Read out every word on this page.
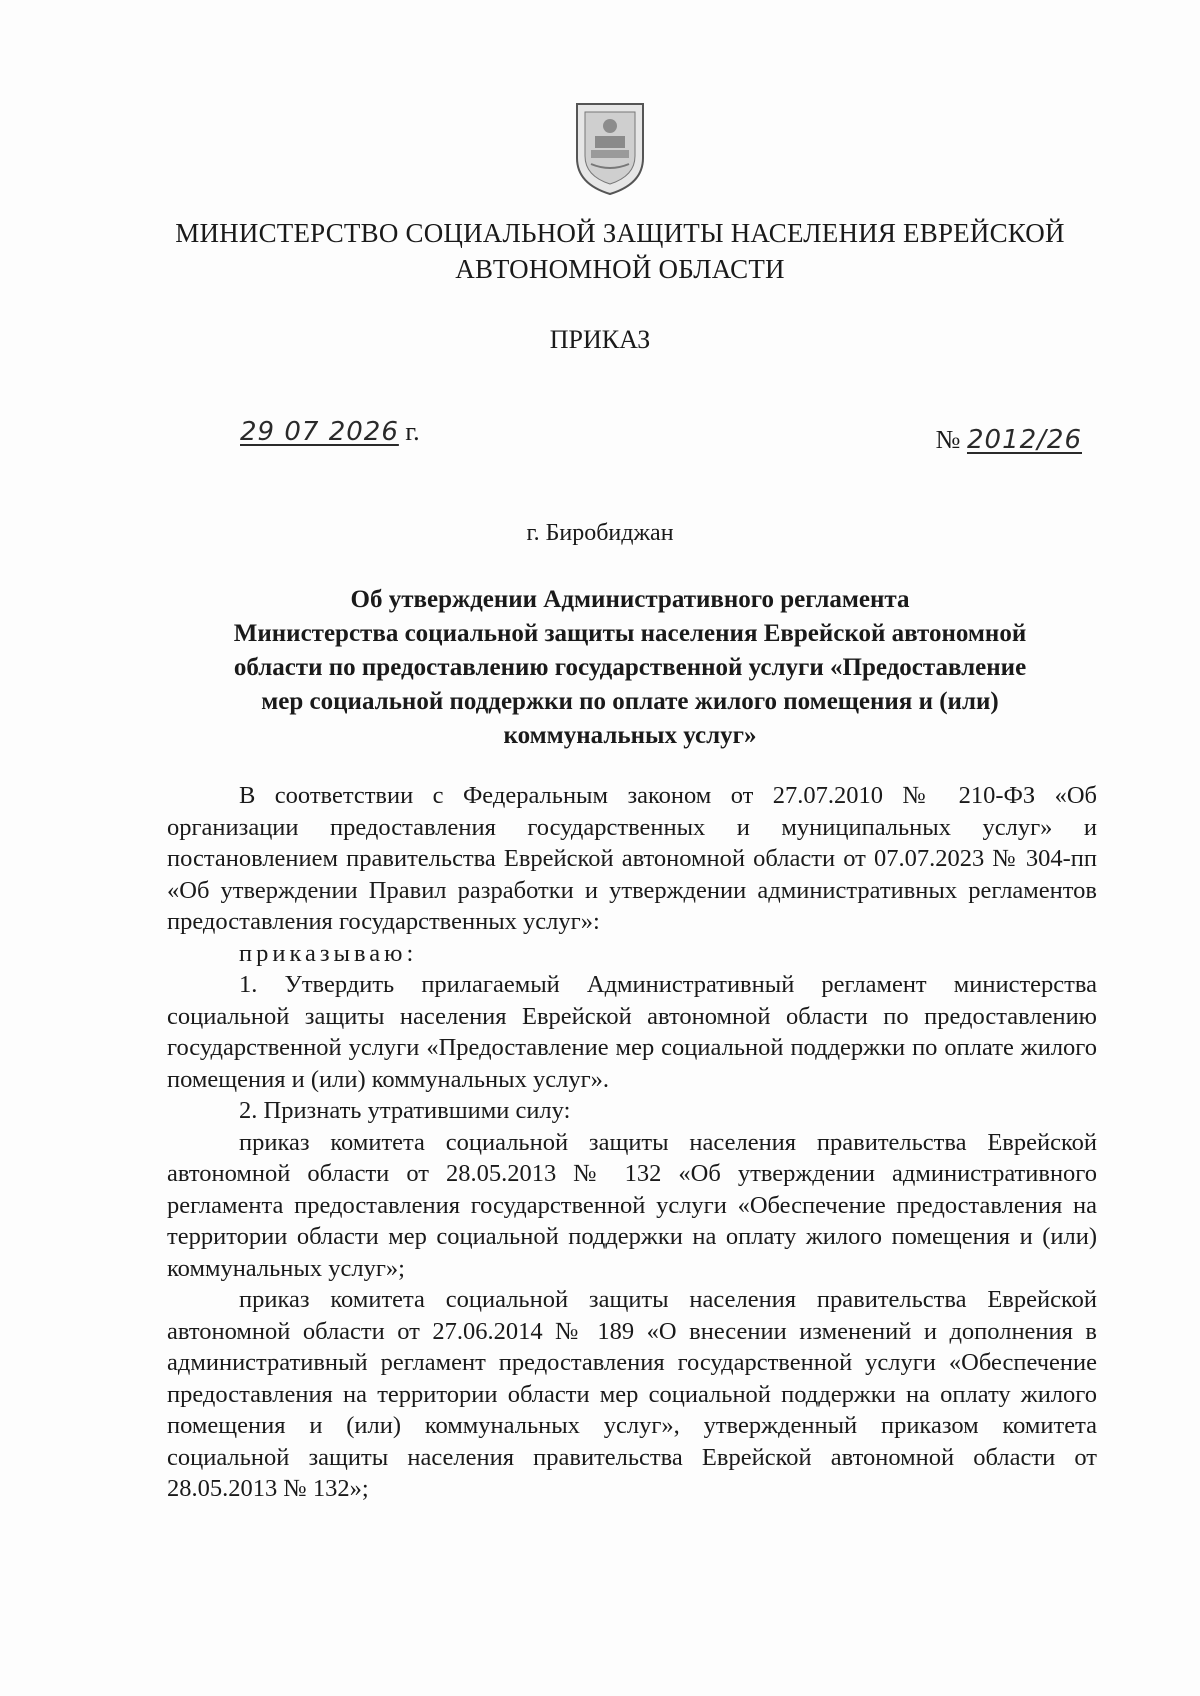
МИНИСТЕРСТВО СОЦИАЛЬНОЙ ЗАЩИТЫ НАСЕЛЕНИЯ ЕВРЕЙСКОЙ
АВТОНОМНОЙ ОБЛАСТИ
ПРИКАЗ
29 07 2026 г.	№ 2012/26
г. Биробиджан
Об утверждении Административного регламента
Министерства социальной защиты населения Еврейской автономной
области по предоставлению государственной услуги «Предоставление
мер социальной поддержки по оплате жилого помещения и (или)
коммунальных услуг»

В соответствии с Федеральным законом от 27.07.2010 № 210-ФЗ «Об организации предоставления государственных и муниципальных услуг» и постановлением правительства Еврейской автономной области от 07.07.2023 № 304-пп «Об утверждении Правил разработки и утверждении административных регламентов предоставления государственных услуг»:

приказываю:

1. Утвердить прилагаемый Административный регламент министерства социальной защиты населения Еврейской автономной области по предоставлению государственной услуги «Предоставление мер социальной поддержки по оплате жилого помещения и (или) коммунальных услуг».

2. Признать утратившими силу:

приказ комитета социальной защиты населения правительства Еврейской автономной области от 28.05.2013 № 132 «Об утверждении административного регламента предоставления государственной услуги «Обеспечение предоставления на территории области мер социальной поддержки на оплату жилого помещения и (или) коммунальных услуг»;

приказ комитета социальной защиты населения правительства Еврейской автономной области от 27.06.2014 № 189 «О внесении изменений и дополнения в административный регламент предоставления государственной услуги «Обеспечение предоставления на территории области мер социальной поддержки на оплату жилого помещения и (или) коммунальных услуг», утвержденный приказом комитета социальной защиты населения правительства Еврейской автономной области от 28.05.2013 № 132»;
